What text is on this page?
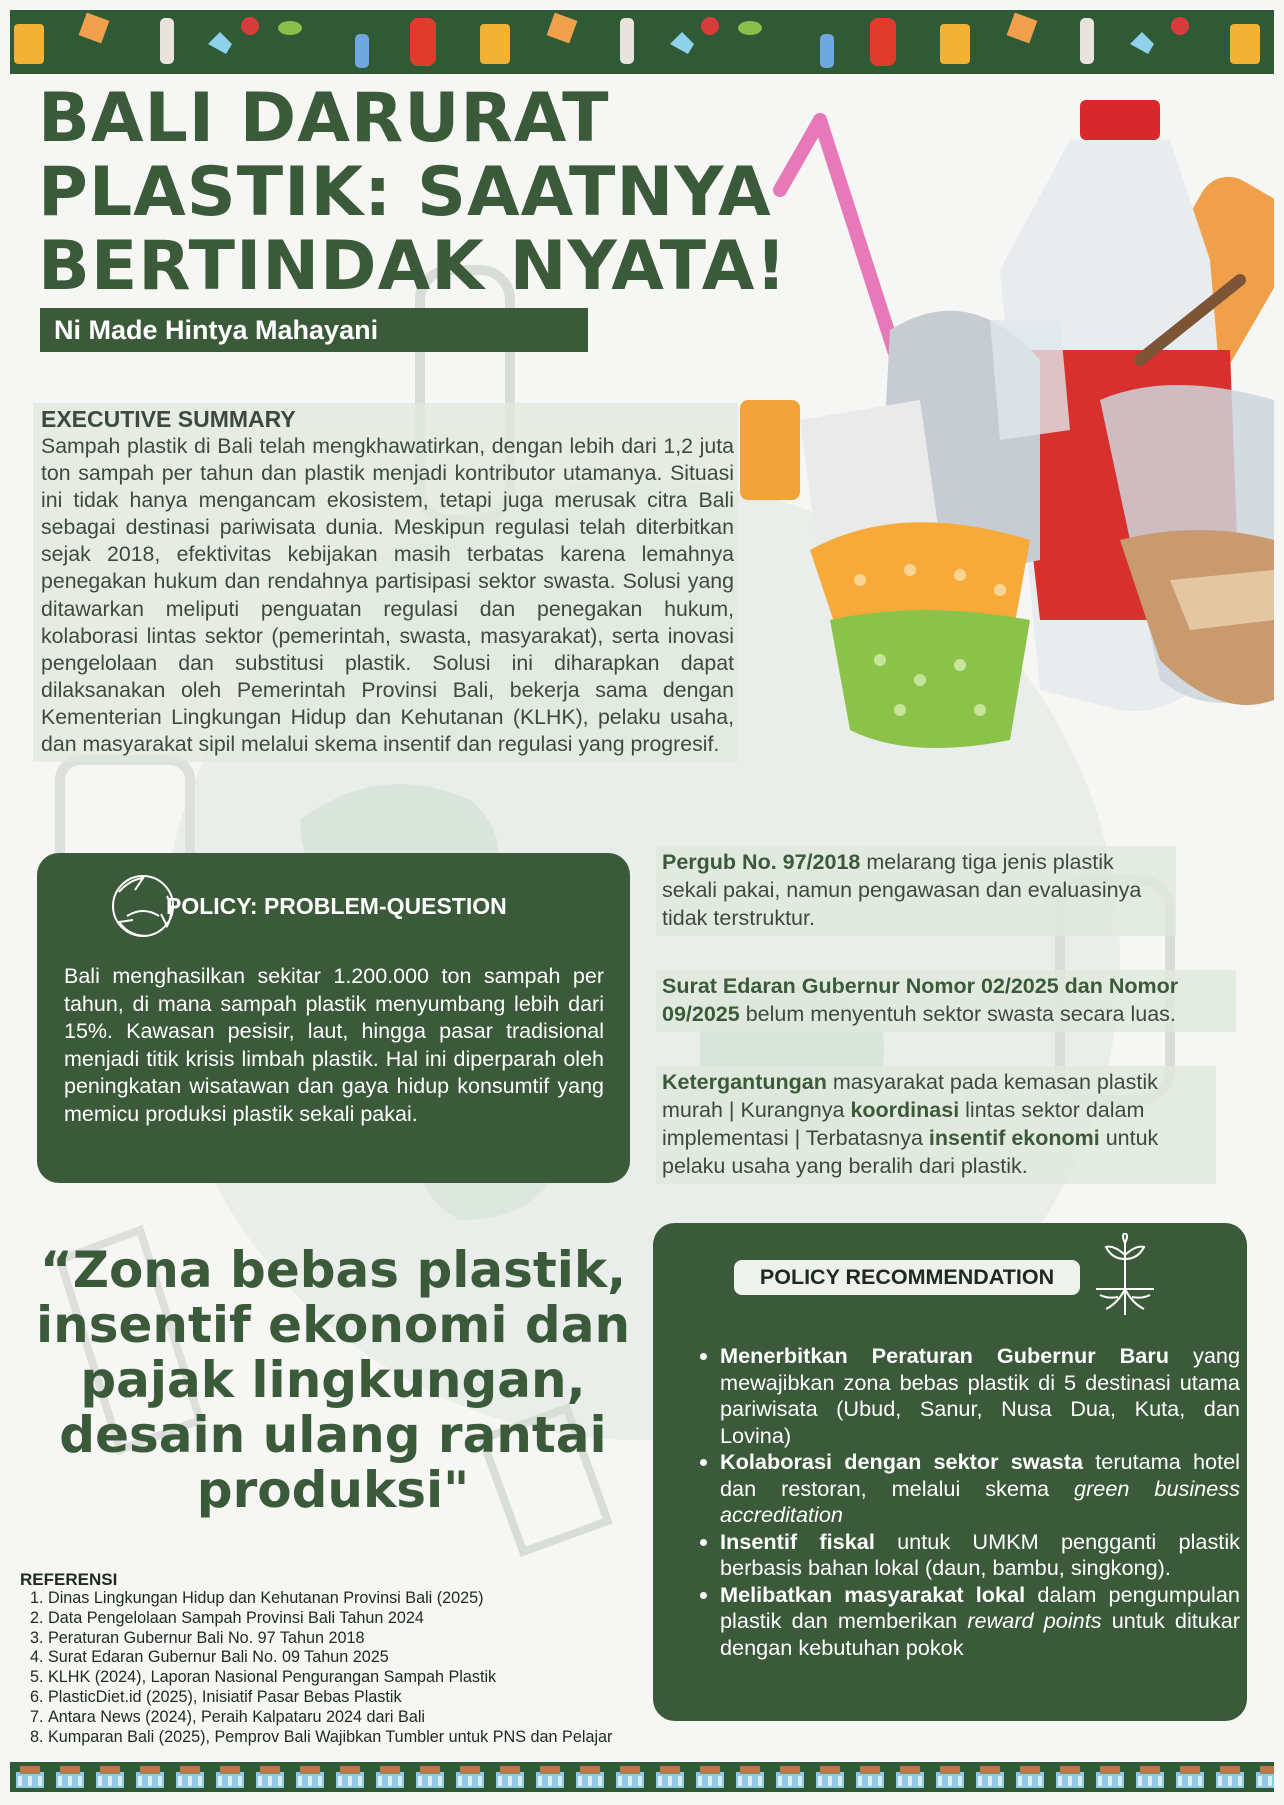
BALI DARURAT
PLASTIK: SAATNYA
BERTINDAK NYATA!
Ni Made Hintya Mahayani
EXECUTIVE SUMMARY

Sampah plastik di Bali telah mengkhawatirkan, dengan lebih dari 1,2 juta ton sampah per tahun dan plastik menjadi kontributor utamanya. Situasi ini tidak hanya mengancam ekosistem, tetapi juga merusak citra Bali sebagai destinasi pariwisata dunia. Meskipun regulasi telah diterbitkan sejak 2018, efektivitas kebijakan masih terbatas karena lemahnya penegakan hukum dan rendahnya partisipasi sektor swasta. Solusi yang ditawarkan meliputi penguatan regulasi dan penegakan hukum, kolaborasi lintas sektor (pemerintah, swasta, masyarakat), serta inovasi pengelolaan dan substitusi plastik. Solusi ini diharapkan dapat dilaksanakan oleh Pemerintah Provinsi Bali, bekerja sama dengan Kementerian Lingkungan Hidup dan Kehutanan (KLHK), pelaku usaha, dan masyarakat sipil melalui skema insentif dan regulasi yang progresif.

POLICY: PROBLEM-QUESTION

Bali menghasilkan sekitar 1.200.000 ton sampah per tahun, di mana sampah plastik menyumbang lebih dari 15%. Kawasan pesisir, laut, hingga pasar tradisional menjadi titik krisis limbah plastik. Hal ini diperparah oleh peningkatan wisatawan dan gaya hidup konsumtif yang memicu produksi plastik sekali pakai.

Pergub No. 97/2018 melarang tiga jenis plastik sekali pakai, namun pengawasan dan evaluasinya tidak terstruktur.
Surat Edaran Gubernur Nomor 02/2025 dan Nomor 09/2025 belum menyentuh sektor swasta secara luas.
Ketergantungan masyarakat pada kemasan plastik murah | Kurangnya koordinasi lintas sektor dalam implementasi | Terbatasnya insentif ekonomi untuk pelaku usaha yang beralih dari plastik.

“Zona bebas plastik,
insentif ekonomi dan
pajak lingkungan,
desain ulang rantai
produksi"

POLICY RECOMMENDATION
• Menerbitkan Peraturan Gubernur Baru yang mewajibkan zona bebas plastik di 5 destinasi utama pariwisata (Ubud, Sanur, Nusa Dua, Kuta, dan Lovina)
• Kolaborasi dengan sektor swasta terutama hotel dan restoran, melalui skema green business accreditation
• Insentif fiskal untuk UMKM pengganti plastik berbasis bahan lokal (daun, bambu, singkong).
• Melibatkan masyarakat lokal dalam pengumpulan plastik dan memberikan reward points untuk ditukar dengan kebutuhan pokok
REFERENSI
1. Dinas Lingkungan Hidup dan Kehutanan Provinsi Bali (2025)
2. Data Pengelolaan Sampah Provinsi Bali Tahun 2024
3. Peraturan Gubernur Bali No. 97 Tahun 2018
4. Surat Edaran Gubernur Bali No. 09 Tahun 2025
5. KLHK (2024), Laporan Nasional Pengurangan Sampah Plastik
6. PlasticDiet.id (2025), Inisiatif Pasar Bebas Plastik
7. Antara News (2024), Peraih Kalpataru 2024 dari Bali
8. Kumparan Bali (2025), Pemprov Bali Wajibkan Tumbler untuk PNS dan Pelajar
